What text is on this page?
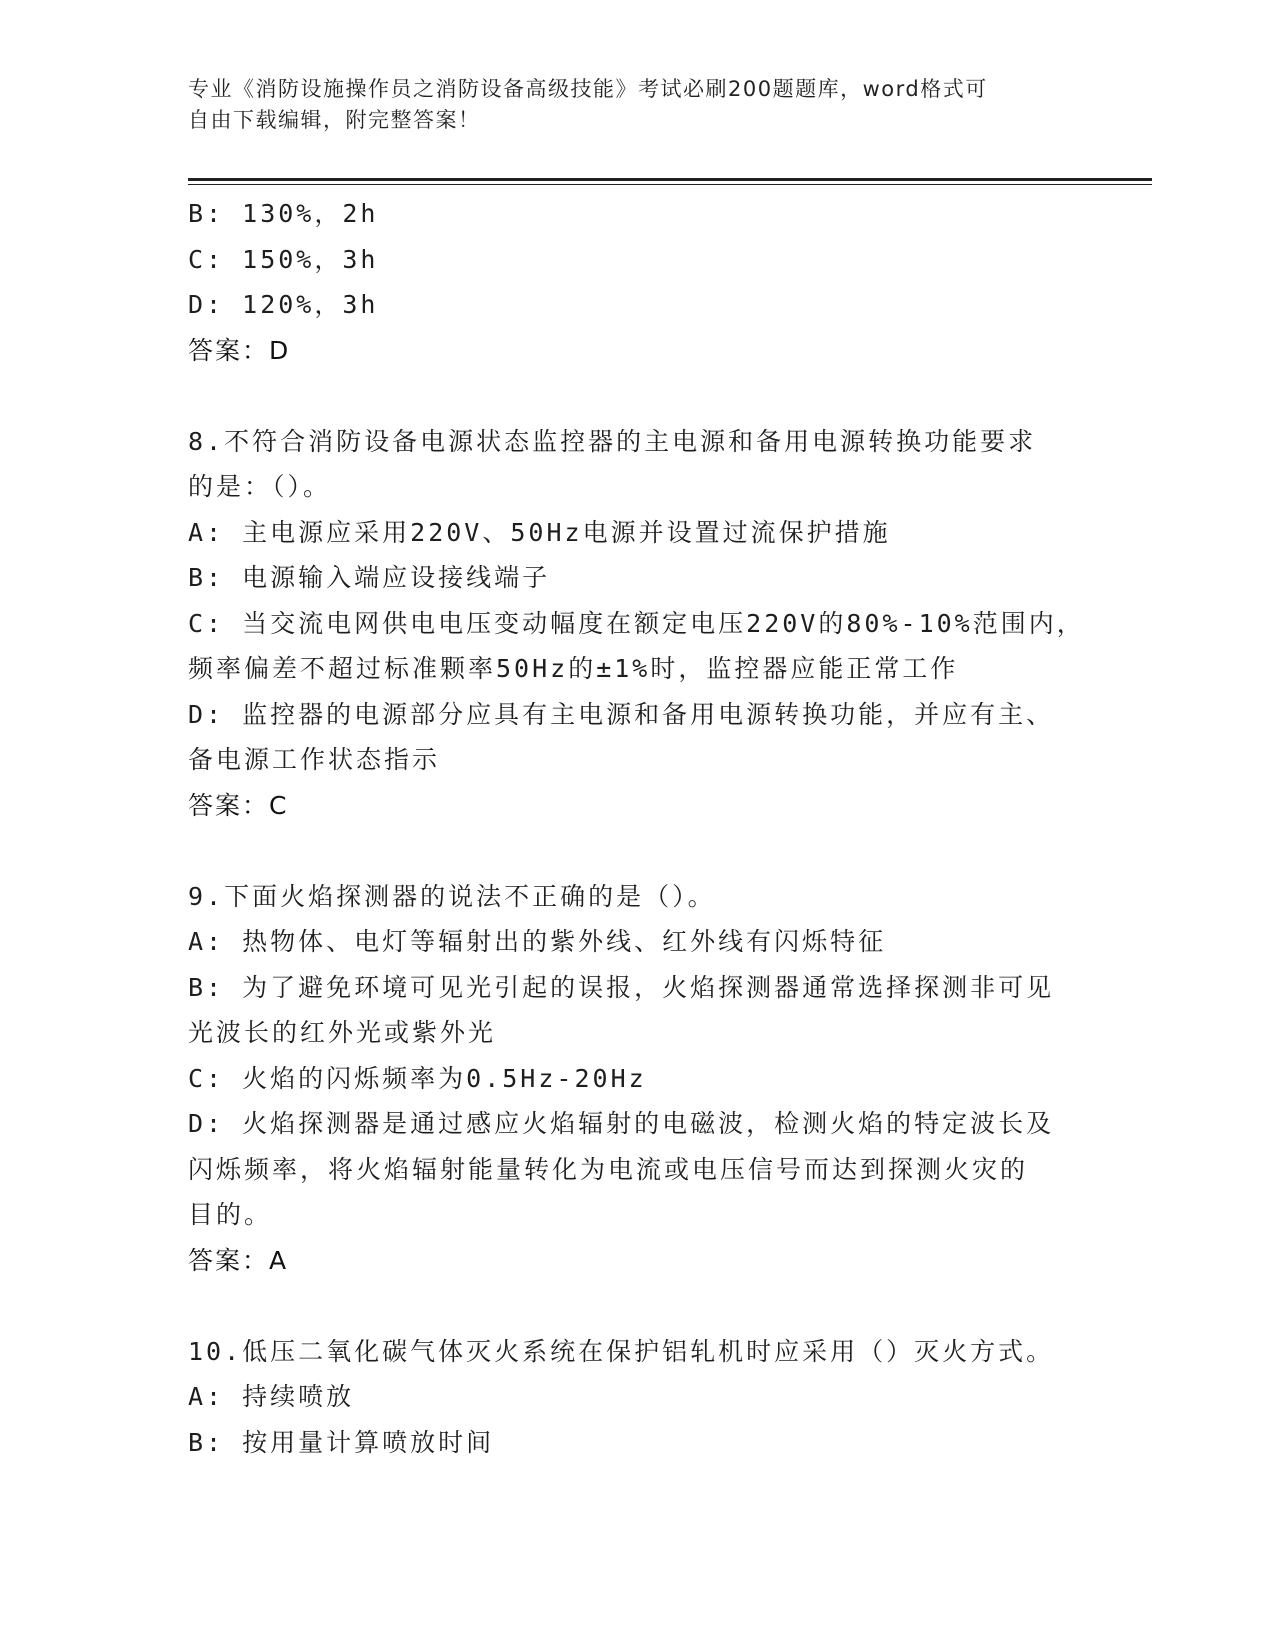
专业《消防设施操作员之消防设备高级技能》考试必刷200题题库，word格式可
自由下载编辑，附完整答案！
B: 130%，2h
C: 150%，3h
D: 120%，3h
答案：D
8.不符合消防设备电源状态监控器的主电源和备用电源转换功能要求
的是：（）。
A: 主电源应采用220V、50Hz电源并设置过流保护措施
B: 电源输入端应设接线端子
C: 当交流电网供电电压变动幅度在额定电压220V的80%-10%范围内，
频率偏差不超过标准颗率50Hz的±1%时，监控器应能正常工作
D: 监控器的电源部分应具有主电源和备用电源转换功能，并应有主、
备电源工作状态指示
答案：C
9.下面火焰探测器的说法不正确的是（）。
A: 热物体、电灯等辐射出的紫外线、红外线有闪烁特征
B: 为了避免环境可见光引起的误报，火焰探测器通常选择探测非可见
光波长的红外光或紫外光
C: 火焰的闪烁频率为0.5Hz-20Hz
D: 火焰探测器是通过感应火焰辐射的电磁波，检测火焰的特定波长及
闪烁频率，将火焰辐射能量转化为电流或电压信号而达到探测火灾的
目的。
答案：A
10.低压二氧化碳气体灭火系统在保护铝轧机时应采用（）灭火方式。
A: 持续喷放
B: 按用量计算喷放时间
